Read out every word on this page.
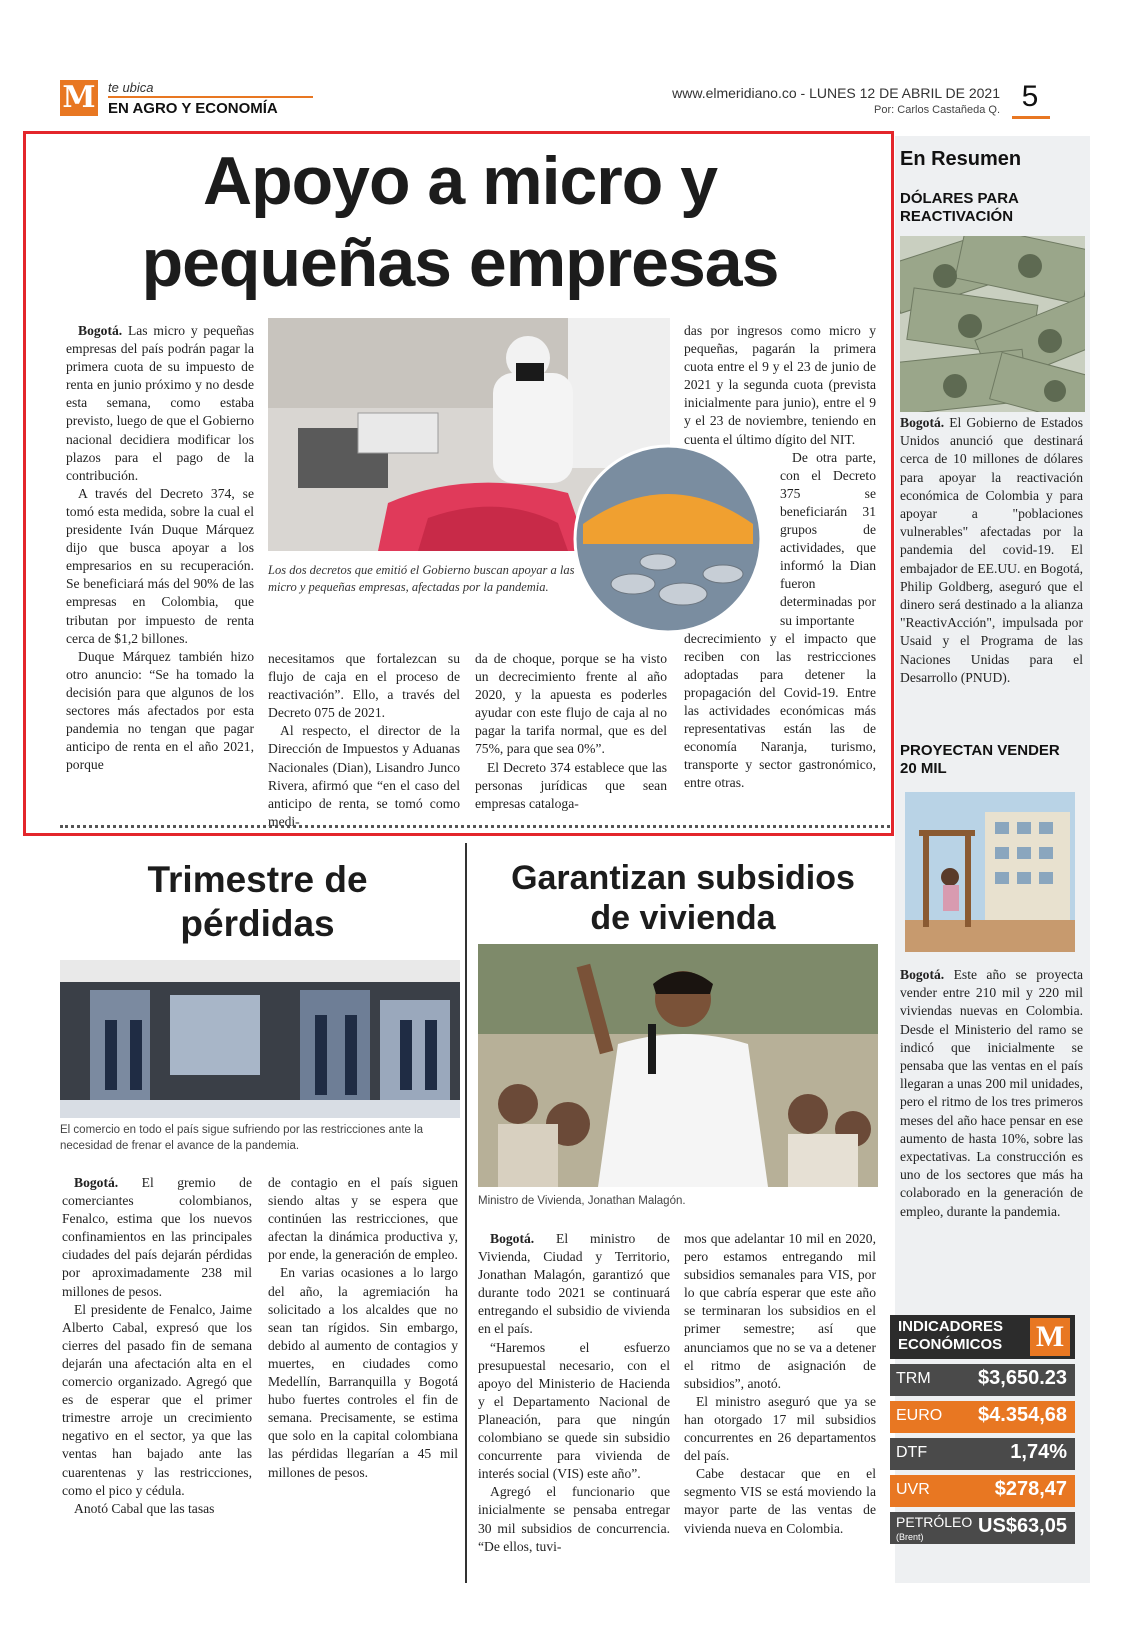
M te ubica
EN AGRO Y ECONOMÍA
www.elmeridiano.co - LUNES 12 DE ABRIL DE 2021
Por: Carlos Castañeda Q. 5
En Resumen
DÓLARES PARA REACTIVACIÓN
Bogotá. El Gobierno de Estados Unidos anunció que destinará cerca de 10 millones de dólares para apoyar la reactivación económica de Colombia y para apoyar a "poblaciones vulnerables" afectadas por la pandemia del covid-19. El embajador de EE.UU. en Bogotá, Philip Goldberg, aseguró que el dinero será destinado a la alianza "ReactivAcción", impulsada por Usaid y el Programa de las Naciones Unidas para el Desarrollo (PNUD).
PROYECTAN VENDER 20 MIL
Bogotá. Este año se proyecta vender entre 210 mil y 220 mil viviendas nuevas en Colombia. Desde el Ministerio del ramo se indicó que inicialmente se pensaba que las ventas en el país llegaran a unas 200 mil unidades, pero el ritmo de los tres primeros meses del año hace pensar en ese aumento de hasta 10%, sobre las expectativas. La construcción es uno de los sectores que más ha colaborado en la generación de empleo, durante la pandemia.
INDICADORES
ECONÓMICOS	M
TRM $3,650.23
EURO $4.354,68
DTF	1,74%
UVR	$278,47
PETRÓLEO
(Brent)	US$63,05
Apoyo a micro y pequeñas empresas

Bogotá. Las micro y pequeñas empresas del país podrán pagar la primera cuota de su impuesto de renta en junio próximo y no desde esta semana, como estaba previsto, luego de que el Gobierno nacional decidiera modificar los plazos para el pago de la contribución.

A través del Decreto 374, se tomó esta medida, sobre la cual el presidente Iván Duque Márquez dijo que busca apoyar a los empresarios en su recuperación. Se beneficiará más del 90% de las empresas en Colombia, que tributan por impuesto de renta cerca de $1,2 billones.

Duque Márquez también hizo otro anuncio: “Se ha tomado la decisión para que algunos de los sectores más afectados por esta pandemia no tengan que pagar anticipo de renta en el año 2021, porque

Los dos decretos que emitió el Gobierno buscan apoyar a las micro y pequeñas empresas, afectadas por la pandemia.

necesitamos que fortalezcan su flujo de caja en el proceso de reactivación”. Ello, a través del Decreto 075 de 2021.

Al respecto, el director de la Dirección de Impuestos y Aduanas Nacionales (Dian), Lisandro Junco Rivera, afirmó que “en el caso del anticipo de renta, se tomó como medi-

da de choque, porque se ha visto un decrecimiento frente al año 2020, y la apuesta es poderles ayudar con este flujo de caja al no pagar la tarifa normal, que es del 75%, para que sea 0%”.

El Decreto 374 establece que las personas jurídicas que sean empresas cataloga-

das por ingresos como micro y pequeñas, pagarán la primera cuota entre el 9 y el 23 de junio de 2021 y la segunda cuota (prevista inicialmente para junio), entre el 9 y el 23 de noviembre, teniendo en cuenta el último dígito del NIT.

De otra parte, con el Decreto 375 se beneficiarán 31 grupos de actividades, que informó la Dian fueron determinadas por su importante

decrecimiento y el impacto que reciben con las restricciones adoptadas para detener la propagación del Covid-19. Entre las actividades económicas más representativas están las de economía Naranja, turismo, transporte y sector gastronómico, entre otras.

Trimestre de
pérdidas
El comercio en todo el país sigue sufriendo por las restricciones ante la necesidad de frenar el avance de la pandemia.

Bogotá. El gremio de comerciantes colombianos, Fenalco, estima que los nuevos confinamientos en las principales ciudades del país dejarán pérdidas por aproximadamente 238 mil millones de pesos.

El presidente de Fenalco, Jaime Alberto Cabal, expresó que los cierres del pasado fin de semana dejarán una afectación alta en el comercio organizado. Agregó que es de esperar que el primer trimestre arroje un crecimiento negativo en el sector, ya que las ventas han bajado ante las cuarentenas y las restricciones, como el pico y cédula.

Anotó Cabal que las tasas

de contagio en el país siguen siendo altas y se espera que continúen las restricciones, que afectan la dinámica productiva y, por ende, la generación de empleo.

En varias ocasiones a lo largo del año, la agremiación ha solicitado a los alcaldes que no sean tan rígidos. Sin embargo, debido al aumento de contagios y muertes, en ciudades como Medellín, Barranquilla y Bogotá hubo fuertes controles el fin de semana. Precisamente, se estima que solo en la capital colombiana las pérdidas llegarían a 45 mil millones de pesos.

Garantizan subsidios
de vivienda
Ministro de Vivienda, Jonathan Malagón.

Bogotá. El ministro de Vivienda, Ciudad y Territorio, Jonathan Malagón, garantizó que durante todo 2021 se continuará entregando el subsidio de vivienda en el país.

“Haremos el esfuerzo presupuestal necesario, con el apoyo del Ministerio de Hacienda y el Departamento Nacional de Planeación, para que ningún colombiano se quede sin subsidio concurrente para vivienda de interés social (VIS) este año”.

Agregó el funcionario que inicialmente se pensaba entregar 30 mil subsidios de concurrencia. “De ellos, tuvi-

mos que adelantar 10 mil en 2020, pero estamos entregando mil subsidios semanales para VIS, por lo que cabría esperar que este año se terminaran los subsidios en el primer semestre; así que anunciamos que no se va a detener el ritmo de asignación de subsidios”, anotó.

El ministro aseguró que ya se han otorgado 17 mil subsidios concurrentes en 26 departamentos del país.

Cabe destacar que en el segmento VIS se está moviendo la mayor parte de las ventas de vivienda nueva en Colombia.
